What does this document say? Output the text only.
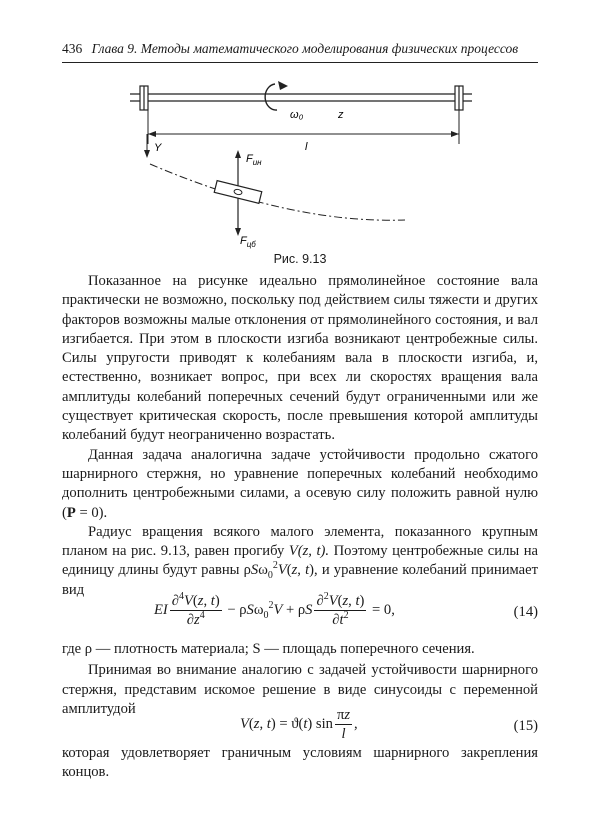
436 Глава 9. Методы математического моделирования физических процессов
ω₀	z
l
Y
$F_{ин}$
$F_{цб}$
Рис. 9.13

Показанное на рисунке идеально прямолинейное состояние вала практически не возможно, поскольку под действием силы тяжести и других факторов возможны малые отклонения от прямолинейного состояния, и вал изгибается. При этом в плоскости изгиба возникают центробежные силы. Силы упругости приводят к колебаниям вала в плоскости изгиба, и, естественно, возникает вопрос, при всех ли скоростях вращения вала амплитуды колебаний поперечных сечений будут ограниченными или же существует критическая скорость, после превышения которой амплитуды колебаний будут неограниченно возрастать.

Данная задача аналогична задаче устойчивости продольно сжатого шарнирного стержня, но уравнение поперечных колебаний необходимо дополнить центробежными силами, а осевую силу положить равной нулю (P = 0).

Радиус вращения всякого малого элемента, показанного крупным планом на рис. 9.13, равен прогибу V(z, t). Поэтому центробежные силы на единицу длины будут равны ρSω$_0^2$V(z, t), и уравнение колебаний принимает вид

EI $\frac{\partial^4V(z, t)}{\partial z^4} - \rho S\omega_0^2V + \rho S \frac{\partial^2V(z, t)}{\partial t^2} = 0$,	(14)

где ρ — плотность материала; S — площадь поперечного сечения.

Принимая во внимание аналогию с задачей устойчивости шарнирного стержня, представим искомое решение в виде синусоиды с переменной амплитудой

V(z, t) = ϑ(t) $\sin \frac{\pi z}{l}$ ,	(15)

которая удовлетворяет граничным условиям шарнирного закрепления концов.
